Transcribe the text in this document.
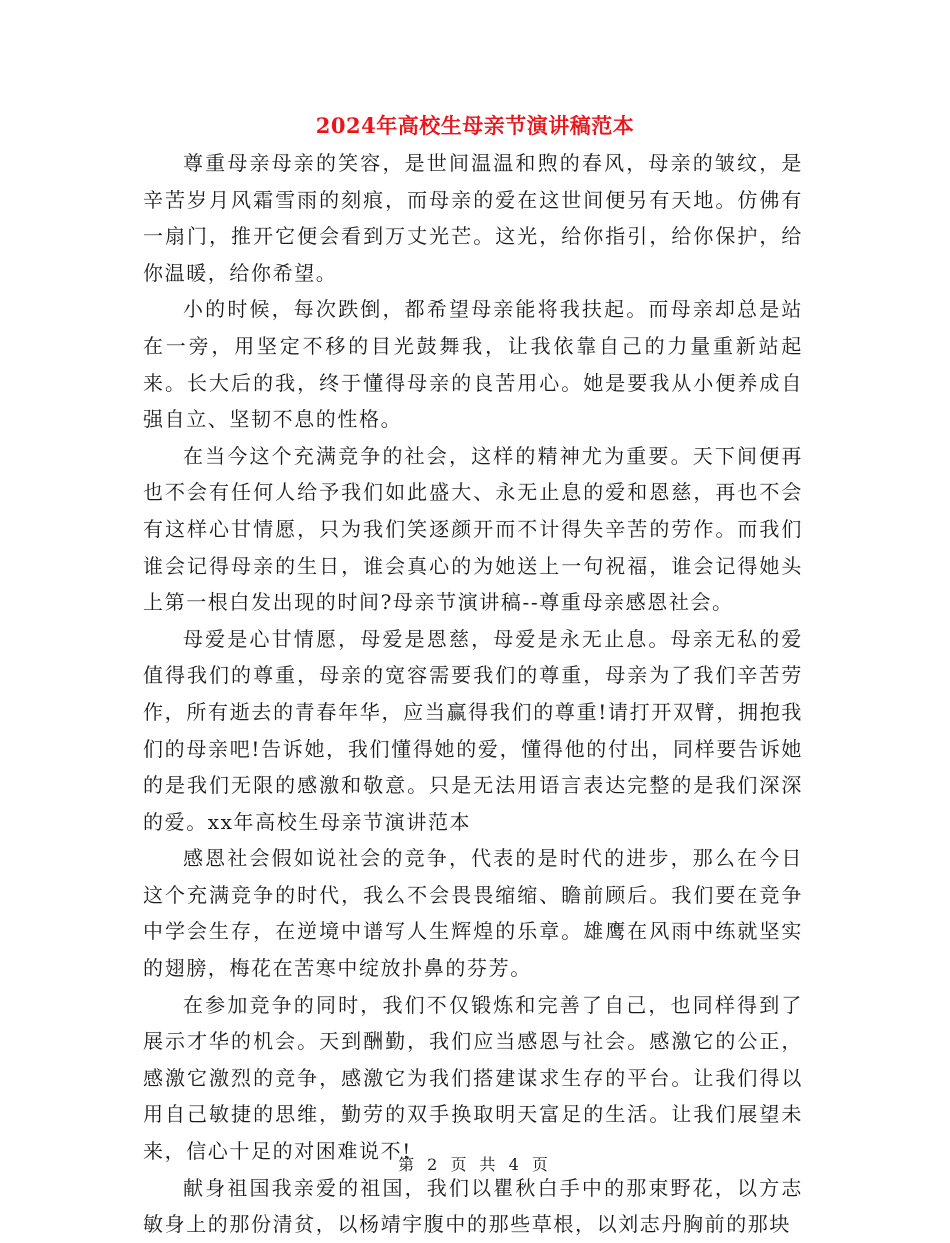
2024年高校生母亲节演讲稿范本

尊重母亲母亲的笑容，是世间温温和煦的春风，母亲的皱纹，是辛苦岁月风霜雪雨的刻痕，而母亲的爱在这世间便另有天地。仿佛有一扇门，推开它便会看到万丈光芒。这光，给你指引，给你保护，给你温暖，给你希望。

小的时候，每次跌倒，都希望母亲能将我扶起。而母亲却总是站在一旁，用坚定不移的目光鼓舞我，让我依靠自己的力量重新站起来。长大后的我，终于懂得母亲的良苦用心。她是要我从小便养成自强自立、坚韧不息的性格。

在当今这个充满竞争的社会，这样的精神尤为重要。天下间便再也不会有任何人给予我们如此盛大、永无止息的爱和恩慈，再也不会有这样心甘情愿，只为我们笑逐颜开而不计得失辛苦的劳作。而我们谁会记得母亲的生日，谁会真心的为她送上一句祝福，谁会记得她头上第一根白发出现的时间?母亲节演讲稿--尊重母亲感恩社会。

母爱是心甘情愿，母爱是恩慈，母爱是永无止息。母亲无私的爱值得我们的尊重，母亲的宽容需要我们的尊重，母亲为了我们辛苦劳作，所有逝去的青春年华，应当赢得我们的尊重!请打开双臂，拥抱我们的母亲吧!告诉她，我们懂得她的爱，懂得他的付出，同样要告诉她的是我们无限的感激和敬意。只是无法用语言表达完整的是我们深深的爱。xx年高校生母亲节演讲范本

感恩社会假如说社会的竞争，代表的是时代的进步，那么在今日这个充满竞争的时代，我么不会畏畏缩缩、瞻前顾后。我们要在竞争中学会生存，在逆境中谱写人生辉煌的乐章。雄鹰在风雨中练就坚实的翅膀，梅花在苦寒中绽放扑鼻的芬芳。

在参加竞争的同时，我们不仅锻炼和完善了自己，也同样得到了展示才华的机会。天到酬勤，我们应当感恩与社会。感激它的公正，感激它激烈的竞争，感激它为我们搭建谋求生存的平台。让我们得以用自己敏捷的思维，勤劳的双手换取明天富足的生活。让我们展望未来，信心十足的对困难说不!

献身祖国我亲爱的祖国，我们以瞿秋白手中的那束野花，以方志敏身上的那份清贫，以杨靖宇腹中的那些草根，以刘志丹胸前的那块

第 2 页 共 4 页
